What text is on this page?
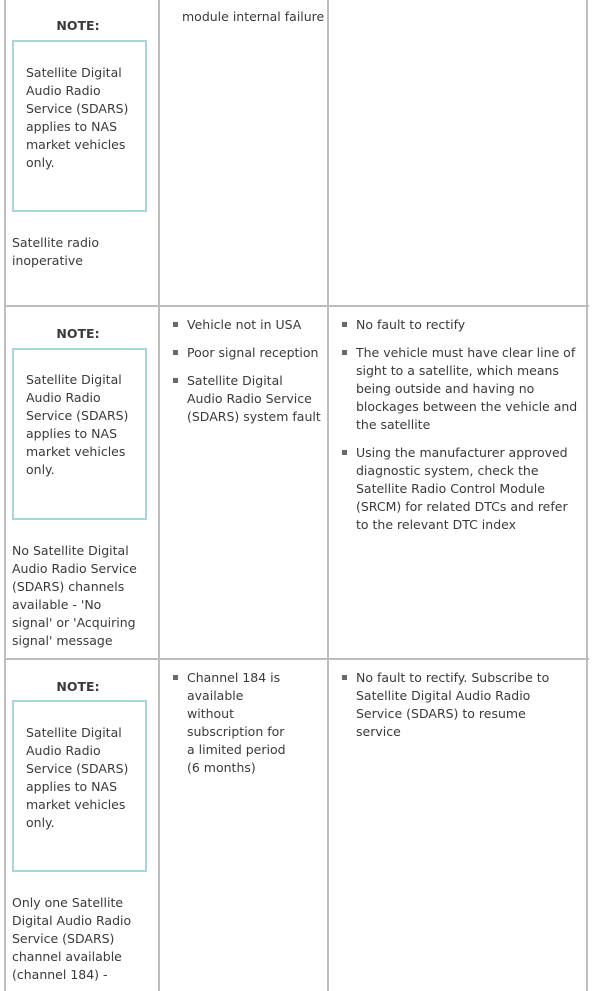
NOTE:
Satellite Digital Audio Radio Service (SDARS) applies to NAS market vehicles only.
Satellite radio inoperative
module internal failure
NOTE:
Satellite Digital Audio Radio Service (SDARS) applies to NAS market vehicles only.
No Satellite Digital Audio Radio Service (SDARS) channels available - 'No signal' or 'Acquiring signal' message
Vehicle not in USA
Poor signal reception
Satellite Digital Audio Radio Service (SDARS) system fault
No fault to rectify
The vehicle must have clear line of sight to a satellite, which means being outside and having no blockages between the vehicle and the satellite
Using the manufacturer approved diagnostic system, check the Satellite Radio Control Module (SRCM) for related DTCs and refer to the relevant DTC index
NOTE:
Satellite Digital Audio Radio Service (SDARS) applies to NAS market vehicles only.
Only one Satellite Digital Audio Radio Service (SDARS) channel available (channel 184) -
Channel 184 is available without subscription for a limited period (6 months)
No fault to rectify. Subscribe to Satellite Digital Audio Radio Service (SDARS) to resume service
